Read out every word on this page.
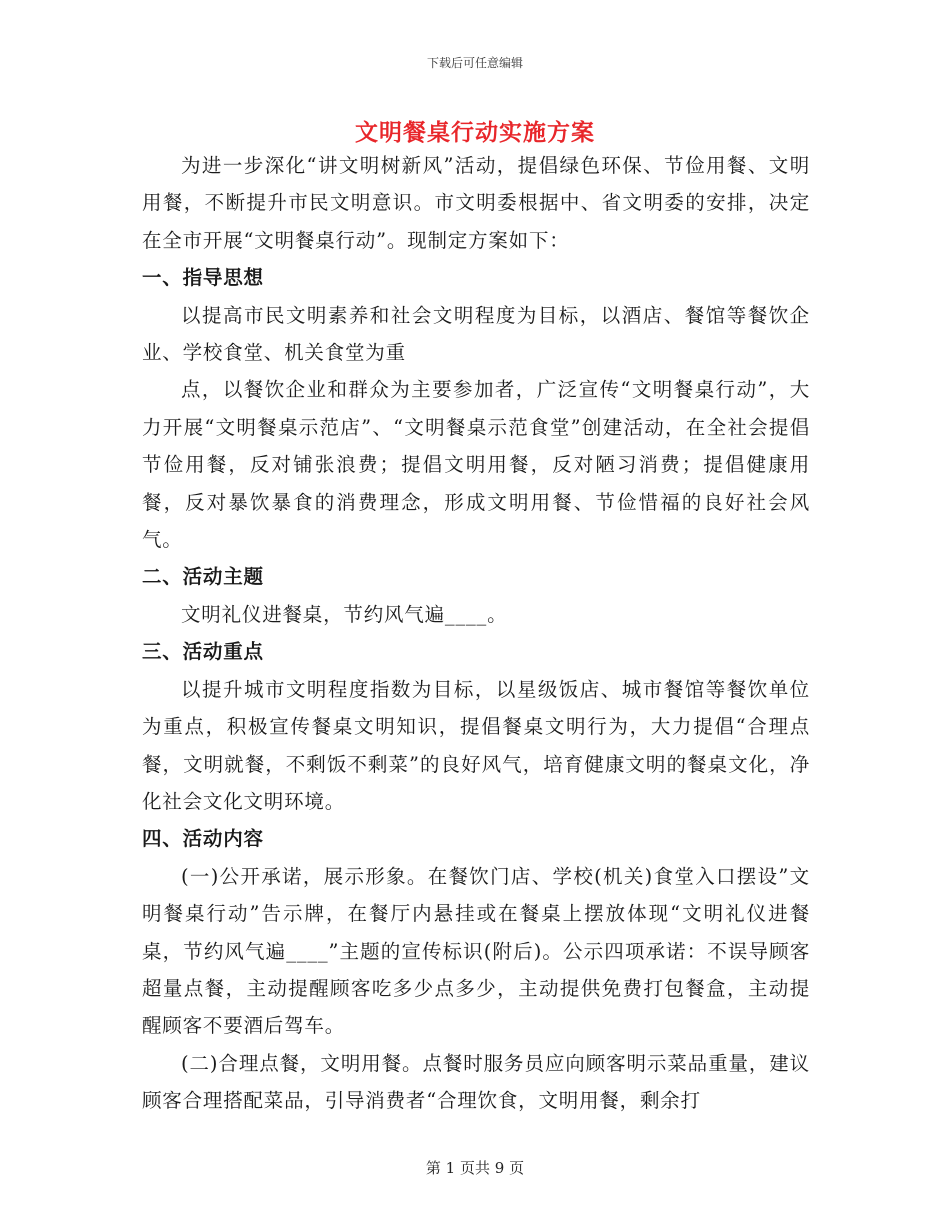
下载后可任意编辑
文明餐桌行动实施方案

为进一步深化“讲文明树新风”活动，提倡绿色环保、节俭用餐、文明用餐，不断提升市民文明意识。市文明委根据中、省文明委的安排，决定在全市开展“文明餐桌行动”。现制定方案如下：

一、指导思想

以提高市民文明素养和社会文明程度为目标，以酒店、餐馆等餐饮企业、学校食堂、机关食堂为重

点，以餐饮企业和群众为主要参加者，广泛宣传“文明餐桌行动”，大力开展“文明餐桌示范店”、“文明餐桌示范食堂”创建活动，在全社会提倡节俭用餐，反对铺张浪费；提倡文明用餐，反对陋习消费；提倡健康用餐，反对暴饮暴食的消费理念，形成文明用餐、节俭惜福的良好社会风气。

二、活动主题

文明礼仪进餐桌，节约风气遍____。

三、活动重点

以提升城市文明程度指数为目标，以星级饭店、城市餐馆等餐饮单位为重点，积极宣传餐桌文明知识，提倡餐桌文明行为，大力提倡“合理点餐，文明就餐，不剩饭不剩菜”的良好风气，培育健康文明的餐桌文化，净化社会文化文明环境。

四、活动内容

(一)公开承诺，展示形象。在餐饮门店、学校(机关)食堂入口摆设”文明餐桌行动”告示牌，在餐厅内悬挂或在餐桌上摆放体现“文明礼仪进餐桌，节约风气遍____”主题的宣传标识(附后)。公示四项承诺：不误导顾客超量点餐，主动提醒顾客吃多少点多少，主动提供免费打包餐盒，主动提醒顾客不要酒后驾车。

(二)合理点餐，文明用餐。点餐时服务员应向顾客明示菜品重量，建议顾客合理搭配菜品，引导消费者“合理饮食，文明用餐，剩余打

第 1 页共 9 页
